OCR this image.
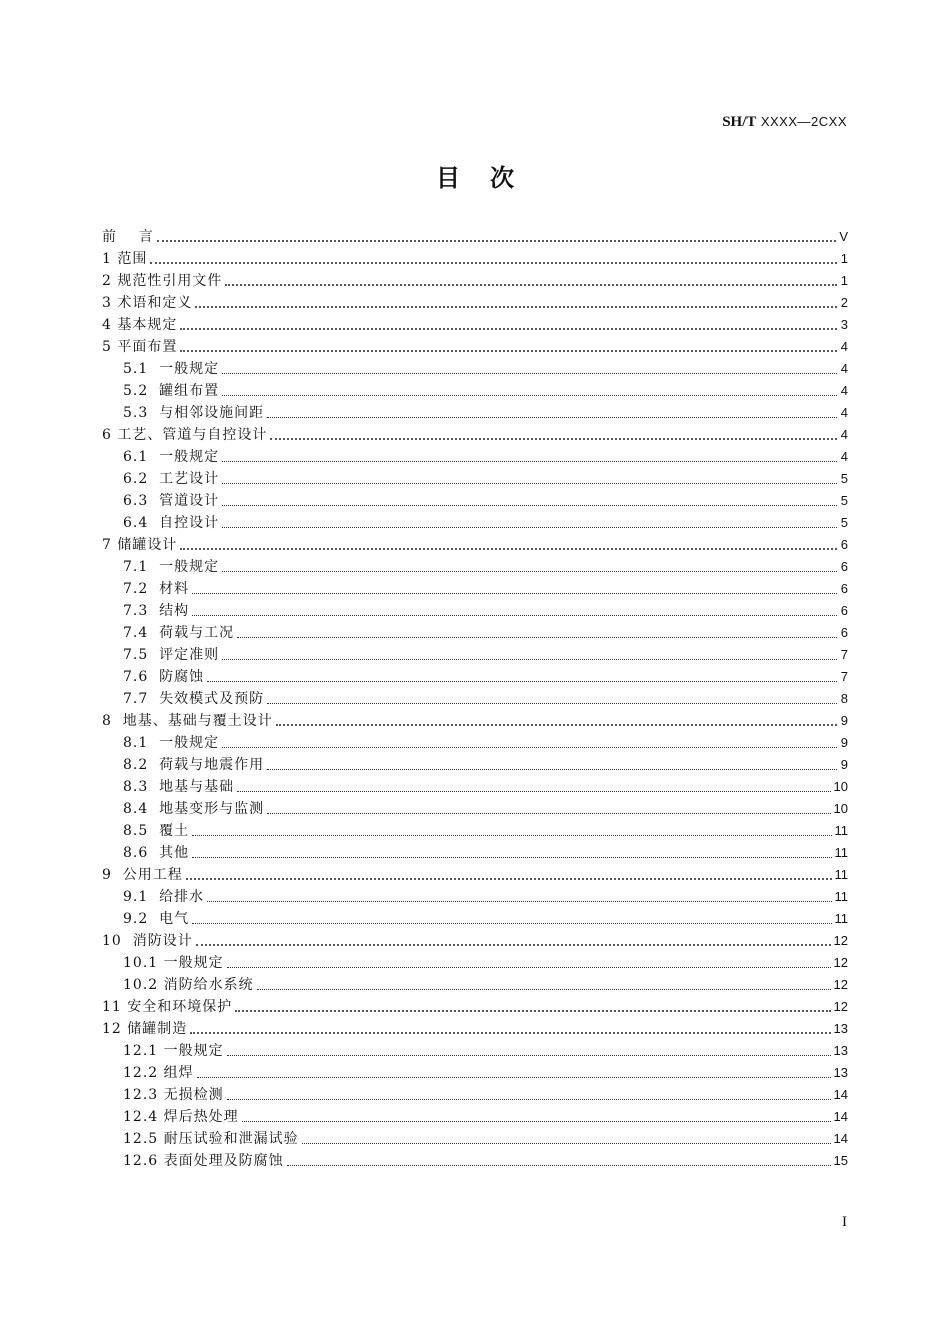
SH/T XXXX—2CXX
目次
前    言	V
1 范围	1
2 规范性引用文件	1
3 术语和定义	2
4 基本规定	3
5 平面布置	4
5.1  一般规定	4
5.2  罐组布置	4
5.3  与相邻设施间距	4
6 工艺、管道与自控设计	4
6.1  一般规定	4
6.2  工艺设计	5
6.3  管道设计	5
6.4  自控设计	5
7 储罐设计	6
7.1  一般规定	6
7.2  材料	6
7.3  结构	6
7.4  荷载与工况	6
7.5  评定准则	7
7.6  防腐蚀	7
7.7  失效模式及预防	8
8  地基、基础与覆土设计	9
8.1  一般规定	9
8.2  荷载与地震作用	9
8.3  地基与基础	10
8.4  地基变形与监测	10
8.5  覆土	11
8.6  其他	11
9  公用工程	11
9.1  给排水	11
9.2  电气	11
10  消防设计	12
10.1 一般规定	12
10.2 消防给水系统	12
11 安全和环境保护	12
12 储罐制造	13
12.1 一般规定	13
12.2 组焊	13
12.3 无损检测	14
12.4 焊后热处理	14
12.5 耐压试验和泄漏试验	14
12.6 表面处理及防腐蚀	15
I
